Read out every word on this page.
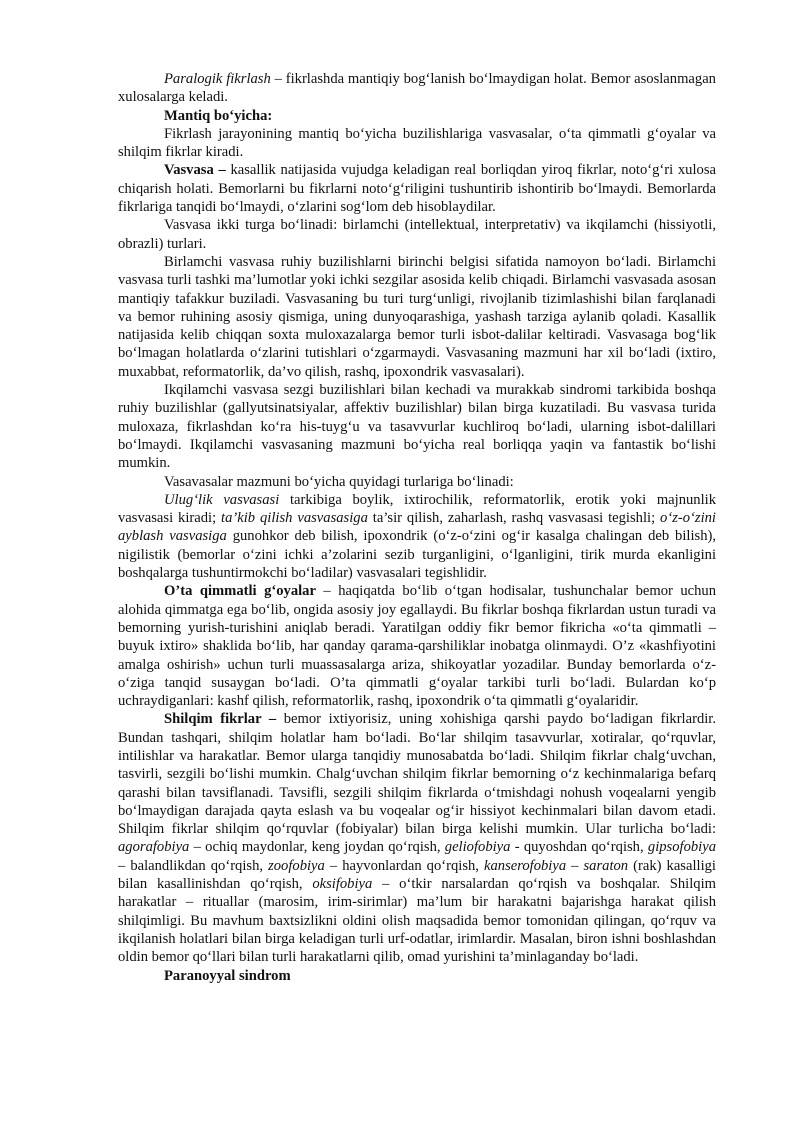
Paralogik fikrlash – fikrlashda mantiqiy bog‘lanish bo‘lmaydigan holat. Bemor asoslanmagan xulosalarga keladi.

Mantiq bo‘yicha:

Fikrlash jarayonining mantiq bo‘yicha buzilishlariga vasvasalar, o‘ta qimmatli g‘oyalar va shilqim fikrlar kiradi.

Vasvasa – kasallik natijasida vujudga keladigan real borliqdan yiroq fikrlar, noto‘g‘ri xulosa chiqarish holati. Bemorlarni bu fikrlarni noto‘g‘riligini tushuntirib ishontirib bo‘lmaydi. Bemorlarda fikrlariga tanqidi bo‘lmaydi, o‘zlarini sog‘lom deb hisoblaydilar.

Vasvasa ikki turga bo‘linadi: birlamchi (intellektual, interpretativ) va ikqilamchi (hissiyotli, obrazli) turlari.

Birlamchi vasvasa ruhiy buzilishlarni birinchi belgisi sifatida namoyon bo‘ladi. Birlamchi vasvasa turli tashki ma’lumotlar yoki ichki sezgilar asosida kelib chiqadi. Birlamchi vasvasada asosan mantiqiy tafakkur buziladi. Vasvasaning bu turi turg‘unligi, rivojlanib tizimlashishi bilan farqlanadi va bemor ruhining asosiy qismiga, uning dunyoqarashiga, yashash tarziga aylanib qoladi. Kasallik natijasida kelib chiqqan soxta muloxazalarga bemor turli isbot-dalilar keltiradi. Vasvasaga bog‘lik bo‘lmagan holatlarda o‘zlarini tutishlari o‘zgarmaydi. Vasvasaning mazmuni har xil bo‘ladi (ixtiro, muxabbat, reformatorlik, da’vo qilish, rashq, ipoxondrik vasvasalari).

Ikqilamchi vasvasa sezgi buzilishlari bilan kechadi va murakkab sindromi tarkibida boshqa ruhiy buzilishlar (gallyutsinatsiyalar, affektiv buzilishlar) bilan birga kuzatiladi. Bu vasvasa turida muloxaza, fikrlashdan ko‘ra his-tuyg‘u va tasavvurlar kuchliroq bo‘ladi, ularning isbot-dalillari bo‘lmaydi. Ikqilamchi vasvasaning mazmuni bo‘yicha real borliqqa yaqin va fantastik bo‘lishi mumkin.

Vasavasalar mazmuni bo‘yicha quyidagi turlariga bo‘linadi:

Ulug‘lik vasvasasi tarkibiga boylik, ixtirochilik, reformatorlik, erotik yoki majnunlik vasvasasi kiradi; ta’kib qilish vasvasasiga ta’sir qilish, zaharlash, rashq vasvasasi tegishli; o‘z-o‘zini ayblash vasvasiga gunohkor deb bilish, ipoxondrik (o‘z-o‘zini og‘ir kasalga chalingan deb bilish), nigilistik (bemorlar o‘zini ichki a’zolarini sezib turganligini, o‘lganligini, tirik murda ekanligini boshqalarga tushuntirmokchi bo‘ladilar) vasvasalari tegishlidir.

O’ta qimmatli g‘oyalar – haqiqatda bo‘lib o‘tgan hodisalar, tushunchalar bemor uchun alohida qimmatga ega bo‘lib, ongida asosiy joy egallaydi. Bu fikrlar boshqa fikrlardan ustun turadi va bemorning yurish-turishini aniqlab beradi. Yaratilgan oddiy fikr bemor fikricha «o‘ta qimmatli – buyuk ixtiro» shaklida bo‘lib, har qanday qarama-qarshiliklar inobatga olinmaydi. O’z «kashfiyotini amalga oshirish» uchun turli muassasalarga ariza, shikoyatlar yozadilar. Bunday bemorlarda o‘z-o‘ziga tanqid susaygan bo‘ladi. O’ta qimmatli g‘oyalar tarkibi turli bo‘ladi. Bulardan ko‘p uchraydiganlari: kashf qilish, reformatorlik, rashq, ipoxondrik o‘ta qimmatli g‘oyalaridir.

Shilqim fikrlar – bemor ixtiyorisiz, uning xohishiga qarshi paydo bo‘ladigan fikrlardir. Bundan tashqari, shilqim holatlar ham bo‘ladi. Bo‘lar shilqim tasavvurlar, xotiralar, qo‘rquvlar, intilishlar va harakatlar. Bemor ularga tanqidiy munosabatda bo‘ladi. Shilqim fikrlar chalg‘uvchan, tasvirli, sezgili bo‘lishi mumkin. Chalg‘uvchan shilqim fikrlar bemorning o‘z kechinmalariga befarq qarashi bilan tavsiflanadi. Tavsifli, sezgili shilqim fikrlarda o‘tmishdagi nohush voqealarni yengib bo‘lmaydigan darajada qayta eslash va bu voqealar og‘ir hissiyot kechinmalari bilan davom etadi. Shilqim fikrlar shilqim qo‘rquvlar (fobiyalar) bilan birga kelishi mumkin. Ular turlicha bo‘ladi: agorafobiya – ochiq maydonlar, keng joydan qo‘rqish, geliofobiya - quyoshdan qo‘rqish, gipsofobiya – balandlikdan qo‘rqish, zoofobiya – hayvonlardan qo‘rqish, kanserofobiya – saraton (rak) kasalligi bilan kasallinishdan qo‘rqish, oksifobiya – o‘tkir narsalardan qo‘rqish va boshqalar. Shilqim harakatlar – rituallar (marosim, irim-sirimlar) ma’lum bir harakatni bajarishga harakat qilish shilqimligi. Bu mavhum baxtsizlikni oldini olish maqsadida bemor tomonidan qilingan, qo‘rquv va ikqilanish holatlari bilan birga keladigan turli urf-odatlar, irimlardir. Masalan, biron ishni boshlashdan oldin bemor qo‘llari bilan turli harakatlarni qilib, omad yurishini ta’minlaganday bo‘ladi.

Paranoyyal sindrom
